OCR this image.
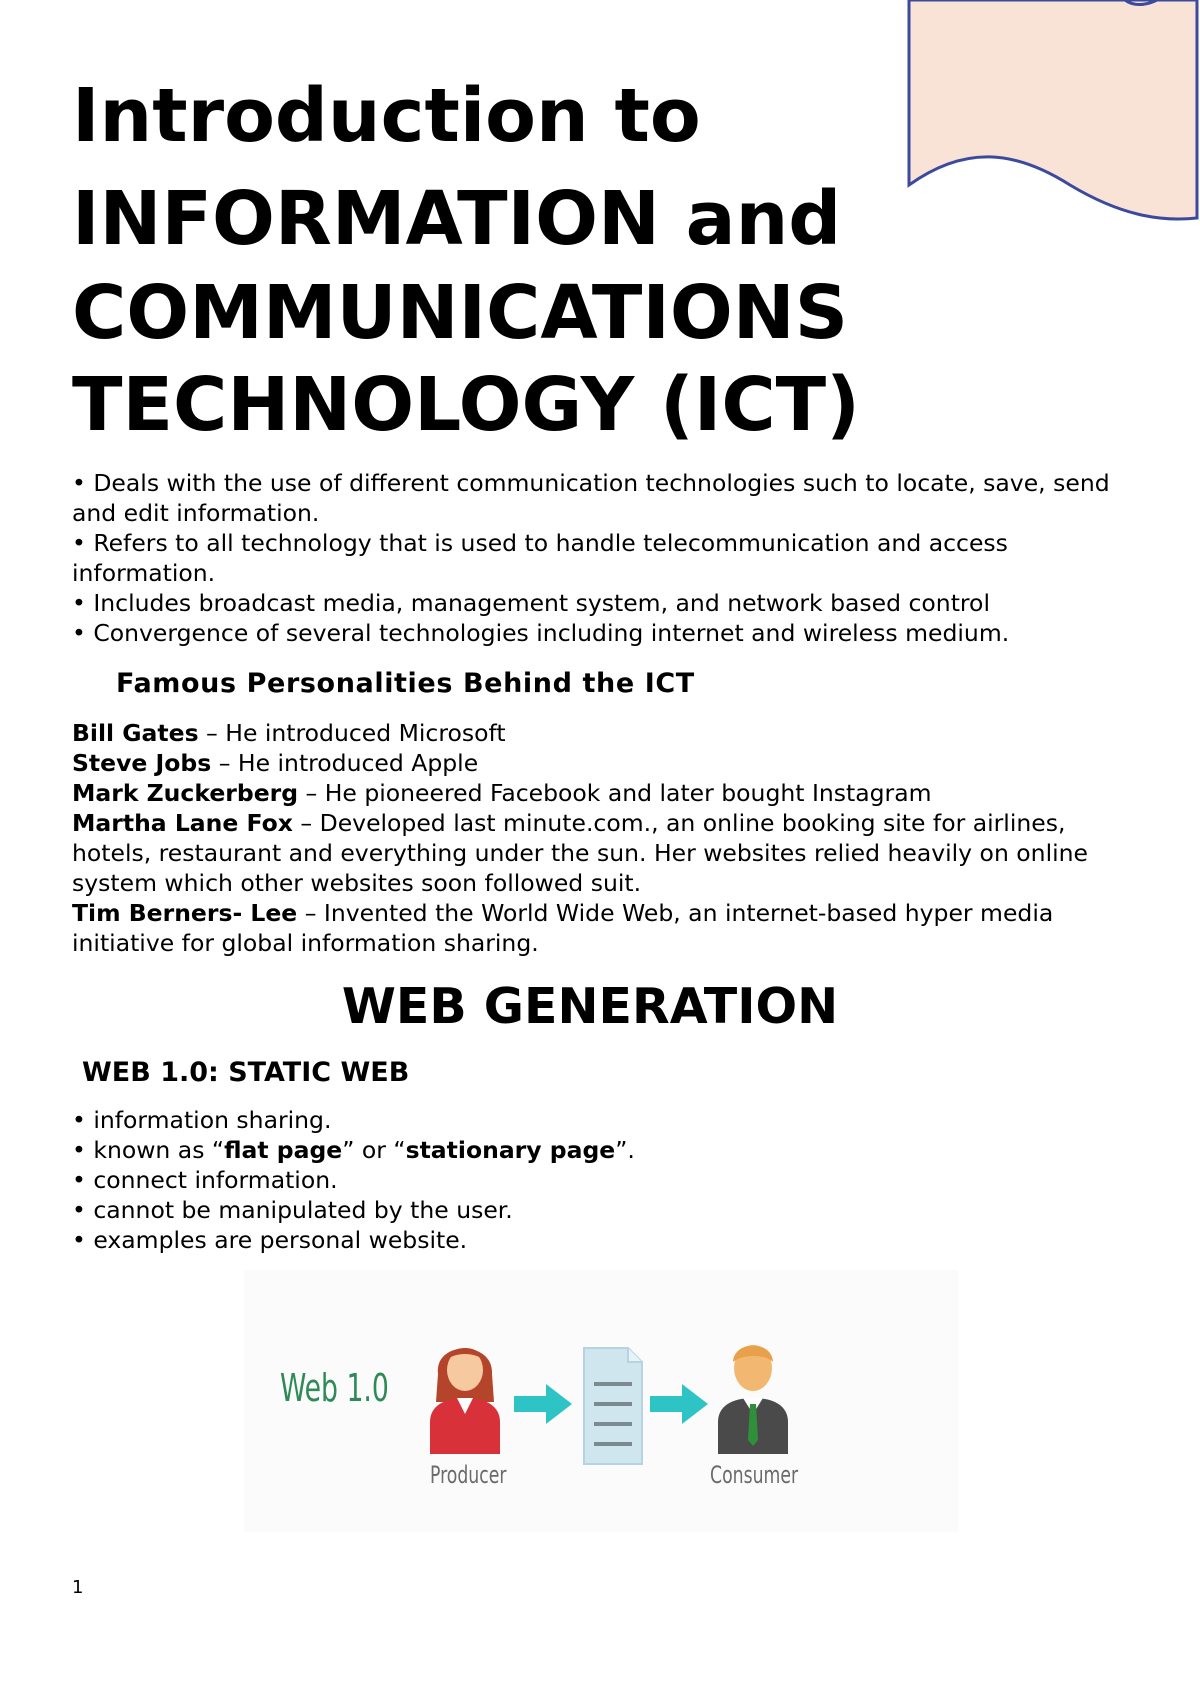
Introduction to
INFORMATION and
COMMUNICATIONS
TECHNOLOGY (ICT)
• Deals with the use of different communication technologies such to locate, save, send and edit information.
• Refers to all technology that is used to handle telecommunication and access information.
• Includes broadcast media, management system, and network based control
• Convergence of several technologies including internet and wireless medium.
Famous Personalities Behind the ICT
Bill Gates – He introduced Microsoft
Steve Jobs – He introduced Apple
Mark Zuckerberg – He pioneered Facebook and later bought Instagram
Martha Lane Fox – Developed last minute.com., an online booking site for airlines, hotels, restaurant and everything under the sun. Her websites relied heavily on online system which other websites soon followed suit.
Tim Berners- Lee – Invented the World Wide Web, an internet-based hyper media initiative for global information sharing.
WEB GENERATION
WEB 1.0: STATIC WEB
• information sharing.
• known as “flat page” or “stationary page”.
• connect information.
• cannot be manipulated by the user.
• examples are personal website.
Web 1.0
Producer	Consumer
1
